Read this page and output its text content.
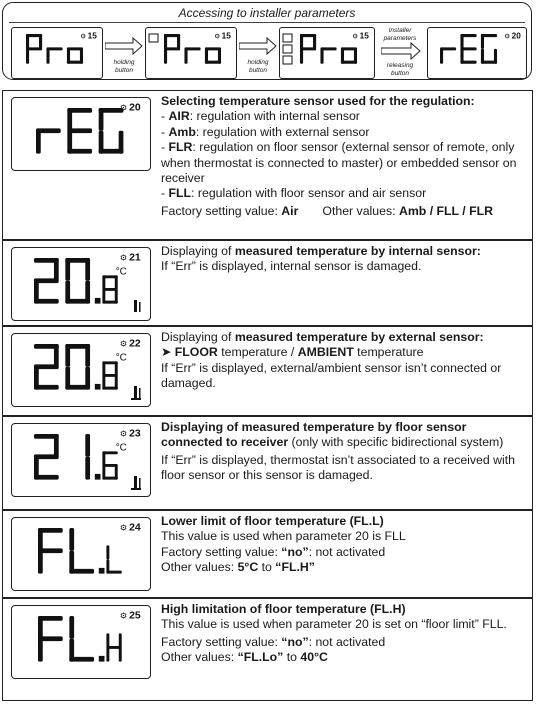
Accessing to installer parameters
⚙ 15
holding
button
⚙ 15
holding
button
⚙ 15
Installer
parameters
releasing
button
⚙ 20
⚙ 20 Selecting temperature sensor used for the regulation:

- AIR: regulation with internal sensor

- Amb: regulation with external sensor

- FLR: regulation on floor sensor (external sensor of remote, only when thermostat is connected to master) or embedded sensor on receiver

- FLL: regulation with floor sensor and air sensor

Factory setting value: Air Other values: Amb / FLL / FLR

⚙ 21
°C

Displaying of measured temperature by internal sensor:

If “Err” is displayed, internal sensor is damaged.

⚙ 22
°C

Displaying of measured temperature by external sensor:

➤ FLOOR temperature / AMBIENT temperature

If “Err” is displayed, external/ambient sensor isn’t connected or damaged.

⚙ 23
°C

Displaying of measured temperature by floor sensor connected to receiver (only with specific bidirectional system)

If “Err” is displayed, thermostat isn’t associated to a received with floor sensor or this sensor is damaged.

⚙ 24 Lower limit of floor temperature (FL.L)

This value is used when parameter 20 is FLL

Factory setting value: “no”: not activated

Other values: 5°C to “FL.H”

⚙ 25 High limitation of floor temperature (FL.H)

This value is used when parameter 20 is set on “floor limit” FLL.

Factory setting value: “no”: not activated

Other values: “FL.Lo” to 40°C
